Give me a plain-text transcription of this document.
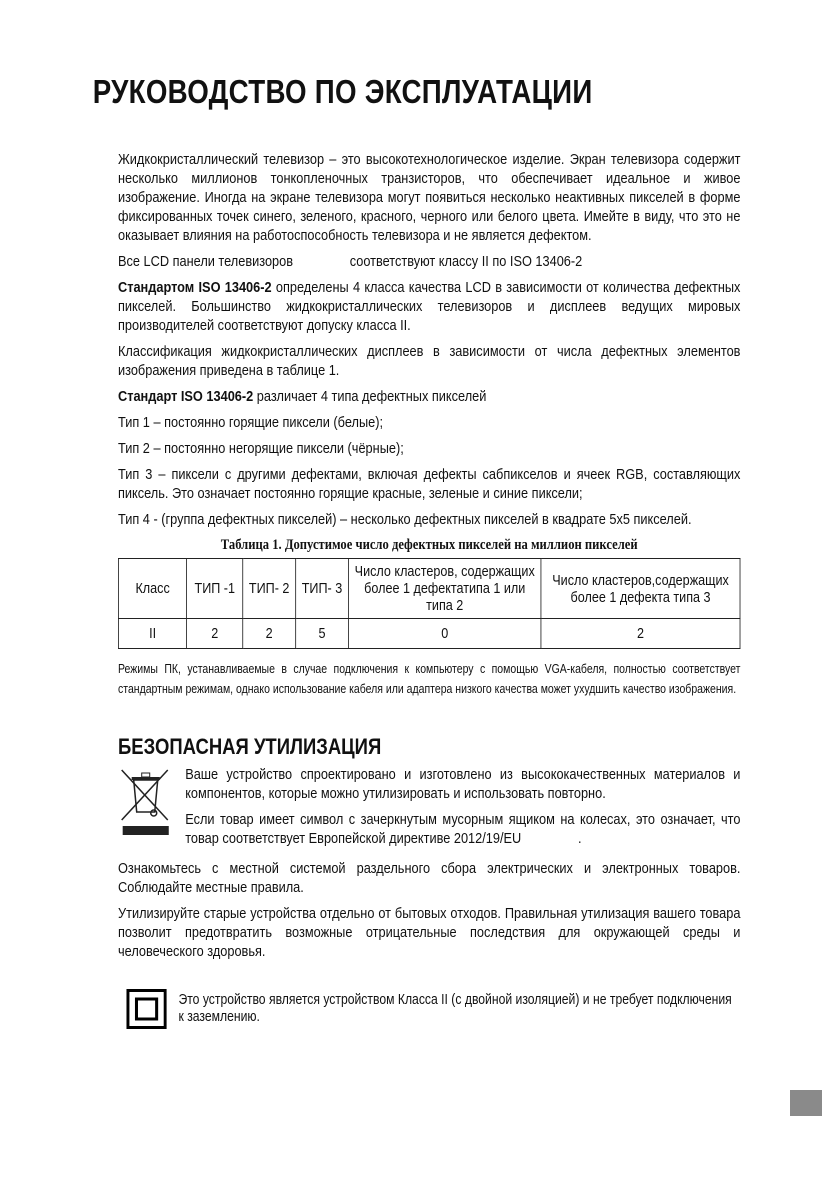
РУКОВОДСТВО ПО ЭКСПЛУАТАЦИИ

Жидкокристаллический телевизор – это высокотехнологическое изделие. Экран телевизора содержит несколько миллионов тонкопленочных транзисторов, что обеспечивает идеальное и живое изображение. Иногда на экране телевизора могут появиться несколько неактивных пикселей в форме фиксированных точек синего, зеленого, красного, черного или белого цвета. Имейте в виду, что это не оказывает влияния на работоспособность телевизора и не является дефектом.

Все LCD панели телевизоров                соответствуют классу II по ISO 13406-2

Стандартом ISO 13406-2 определены 4 класса качества LCD в зависимости от количества дефектных пикселей. Большинство жидкокристаллических телевизоров и дисплеев ведущих мировых производителей соответствуют допуску класса II.

Классификация жидкокристаллических дисплеев в зависимости от числа дефектных элементов изображения приведена в таблице 1.

Стандарт ISO 13406-2 различает 4 типа дефектных пикселей

Тип 1 – постоянно горящие пиксели (белые);

Тип 2 – постоянно негорящие пиксели (чёрные);

Тип 3 – пиксели с другими дефектами, включая дефекты сабпикселов и ячеек RGB, составляющих пиксель. Это означает постоянно горящие красные, зеленые и синие пиксели;

Тип 4 - (группа дефектных пикселей) – несколько дефектных пикселей в квадрате 5x5 пикселей.

Таблица 1. Допустимое число дефектных пикселей на миллион пикселей
Класс	ТИП -1	ТИП- 2	ТИП- 3	Число кластеров, содержащих более 1 дефектатипа 1 или типа 2	Число кластеров,содержащих более 1 дефекта типа 3
II	2	2	5	0	2
Режимы ПК, устанавливаемые в случае подключения к компьютеру с помощью VGA-кабеля, полностью соответствует стандартным режимам, однако использование кабеля или адаптера низкого качества может ухудшить качество изображения.
БЕЗОПАСНАЯ УТИЛИЗАЦИЯ

Ваше устройство спроектировано и изготовлено из высококачественных материалов и компонентов, которые можно утилизировать и использовать повторно.

Если товар имеет символ с зачеркнутым мусорным ящиком на колесах, это означает, что товар соответствует Европейской директиве 2012/19/EU                .

Ознакомьтесь с местной системой раздельного сбора электрических и электронных товаров. Соблюдайте местные правила.

Утилизируйте старые устройства отдельно от бытовых отходов. Правильная утилизация вашего товара позволит предотвратить возможные отрицательные последствия для окружающей среды и человеческого здоровья.

Это устройство является устройством Класса II (с двойной изоляцией) и не требует подключения к заземлению.
